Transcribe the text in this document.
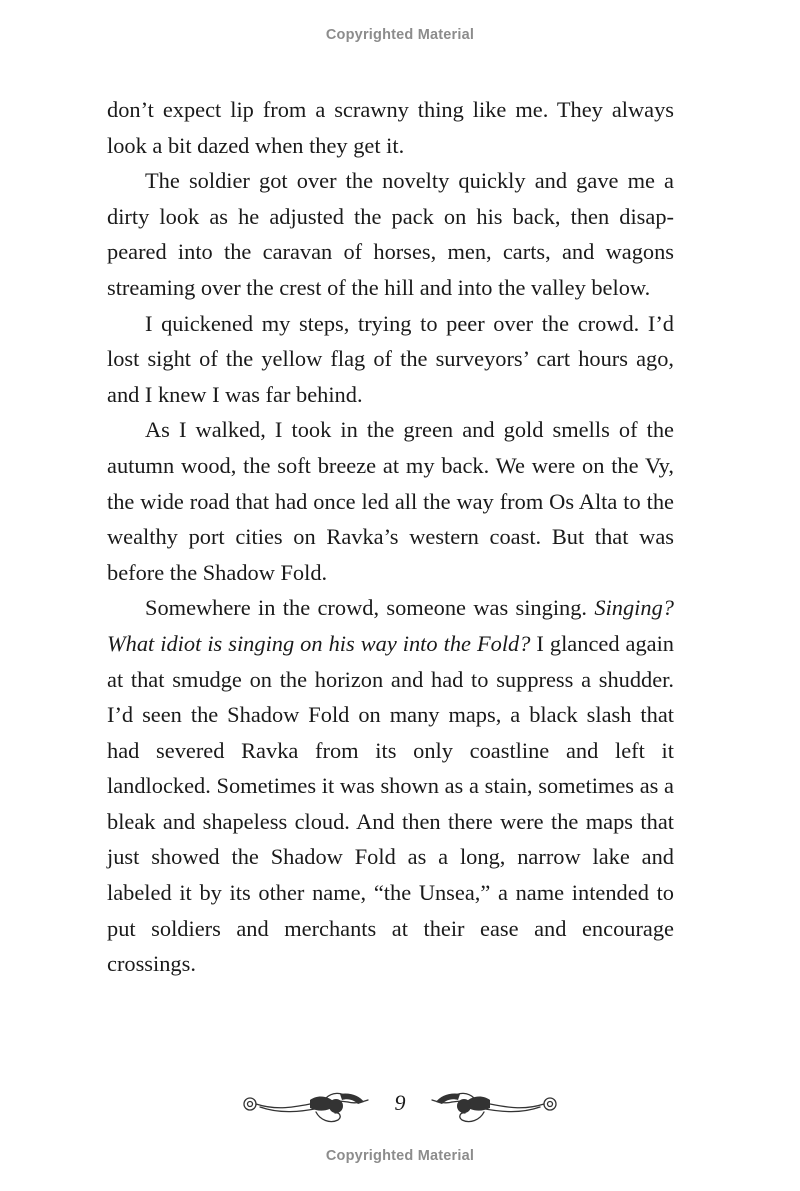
Copyrighted Material

don’t expect lip from a scrawny thing like me. They always look a bit dazed when they get it.

The soldier got over the novelty quickly and gave me a dirty look as he adjusted the pack on his back, then disappeared into the caravan of horses, men, carts, and wagons streaming over the crest of the hill and into the valley below.

I quickened my steps, trying to peer over the crowd. I’d lost sight of the yellow flag of the surveyors’ cart hours ago, and I knew I was far behind.

As I walked, I took in the green and gold smells of the autumn wood, the soft breeze at my back. We were on the Vy, the wide road that had once led all the way from Os Alta to the wealthy port cities on Ravka’s western coast. But that was before the Shadow Fold.

Somewhere in the crowd, someone was singing. Singing? What idiot is singing on his way into the Fold? I glanced again at that smudge on the horizon and had to suppress a shudder. I’d seen the Shadow Fold on many maps, a black slash that had severed Ravka from its only coastline and left it landlocked. Sometimes it was shown as a stain, sometimes as a bleak and shapeless cloud. And then there were the maps that just showed the Shadow Fold as a long, narrow lake and labeled it by its other name, “the Unsea,” a name intended to put soldiers and merchants at their ease and encourage crossings.

9
Copyrighted Material
